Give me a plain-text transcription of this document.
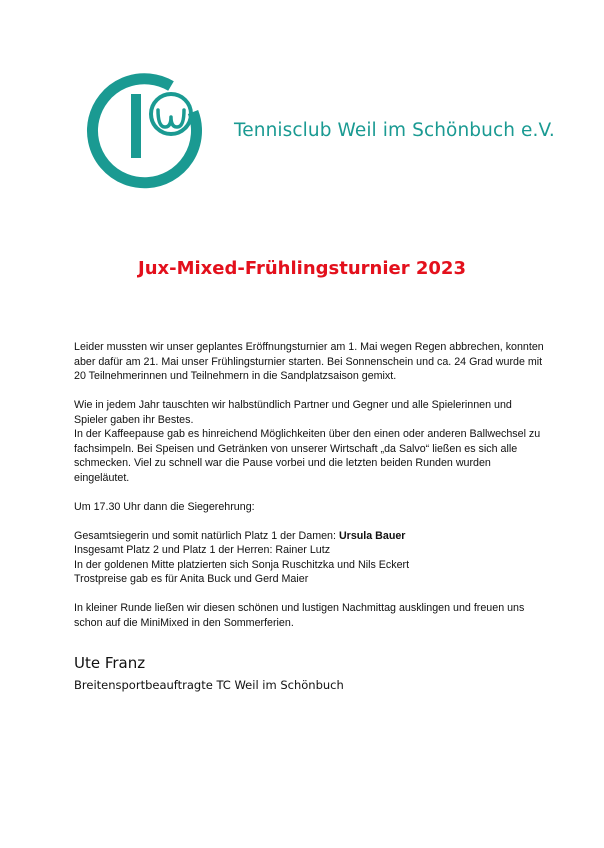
Tennisclub Weil im Schönbuch e.V.
Jux-Mixed-Frühlingsturnier 2023

Leider mussten wir unser geplantes Eröffnungsturnier am 1. Mai wegen Regen abbrechen, konnten aber dafür am 21. Mai unser Frühlingsturnier starten. Bei Sonnenschein und ca. 24 Grad wurde mit 20 Teilnehmerinnen und Teilnehmern in die Sandplatzsaison gemixt.

Wie in jedem Jahr tauschten wir halbstündlich Partner und Gegner und alle Spielerinnen und Spieler gaben ihr Bestes.
In der Kaffeepause gab es hinreichend Möglichkeiten über den einen oder anderen Ballwechsel zu fachsimpeln. Bei Speisen und Getränken von unserer Wirtschaft „da Salvo“ ließen es sich alle schmecken. Viel zu schnell war die Pause vorbei und die letzten beiden Runden wurden eingeläutet.

Um 17.30 Uhr dann die Siegerehrung:

Gesamtsiegerin und somit natürlich Platz 1 der Damen: Ursula Bauer
Insgesamt Platz 2 und Platz 1 der Herren: Rainer Lutz
In der goldenen Mitte platzierten sich Sonja Ruschitzka und Nils Eckert
Trostpreise gab es für Anita Buck und Gerd Maier

In kleiner Runde ließen wir diesen schönen und lustigen Nachmittag ausklingen und freuen uns schon auf die MiniMixed in den Sommerferien.

Ute Franz
Breitensportbeauftragte TC Weil im Schönbuch
